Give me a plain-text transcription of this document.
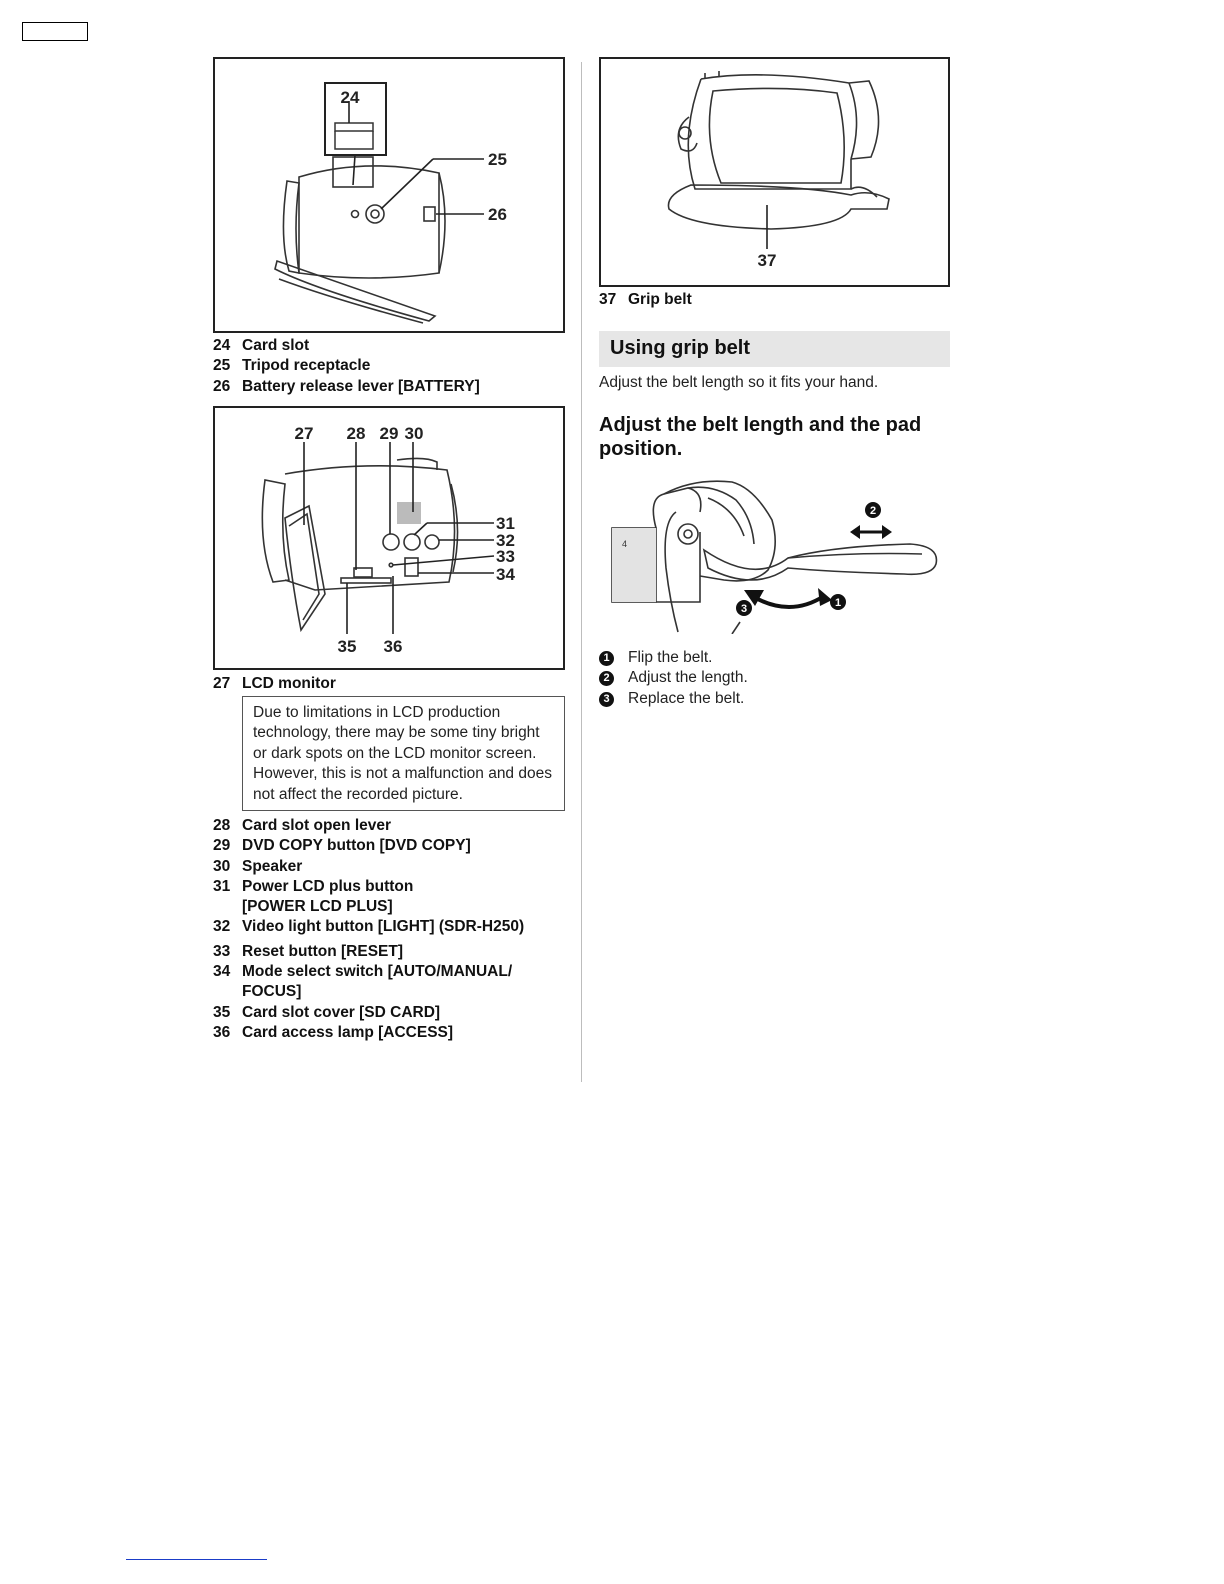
24
25
26
24 Card slot
25 Tripod receptacle
26 Battery release lever [BATTERY]
27 28 29 30
31
32
33
34
35 36
27 LCD monitor
Due to limitations in LCD production technology, there may be some tiny bright or dark spots on the LCD monitor screen. However, this is not a malfunction and does not affect the recorded picture.
28 Card slot open lever
29 DVD COPY button [DVD COPY]
30 Speaker
31 Power LCD plus button [POWER LCD PLUS]
32 Video light button [LIGHT] (SDR-H250)
33 Reset button [RESET]
34 Mode select switch [AUTO/MANUAL/ FOCUS]
35 Card slot cover [SD CARD]
36 Card access lamp [ACCESS]
37
37 Grip belt
Using grip belt
Adjust the belt length so it fits your hand.
Adjust the belt length and the pad position.
2
1
3
4
1 Flip the belt.
2 Adjust the length.
3 Replace the belt.
